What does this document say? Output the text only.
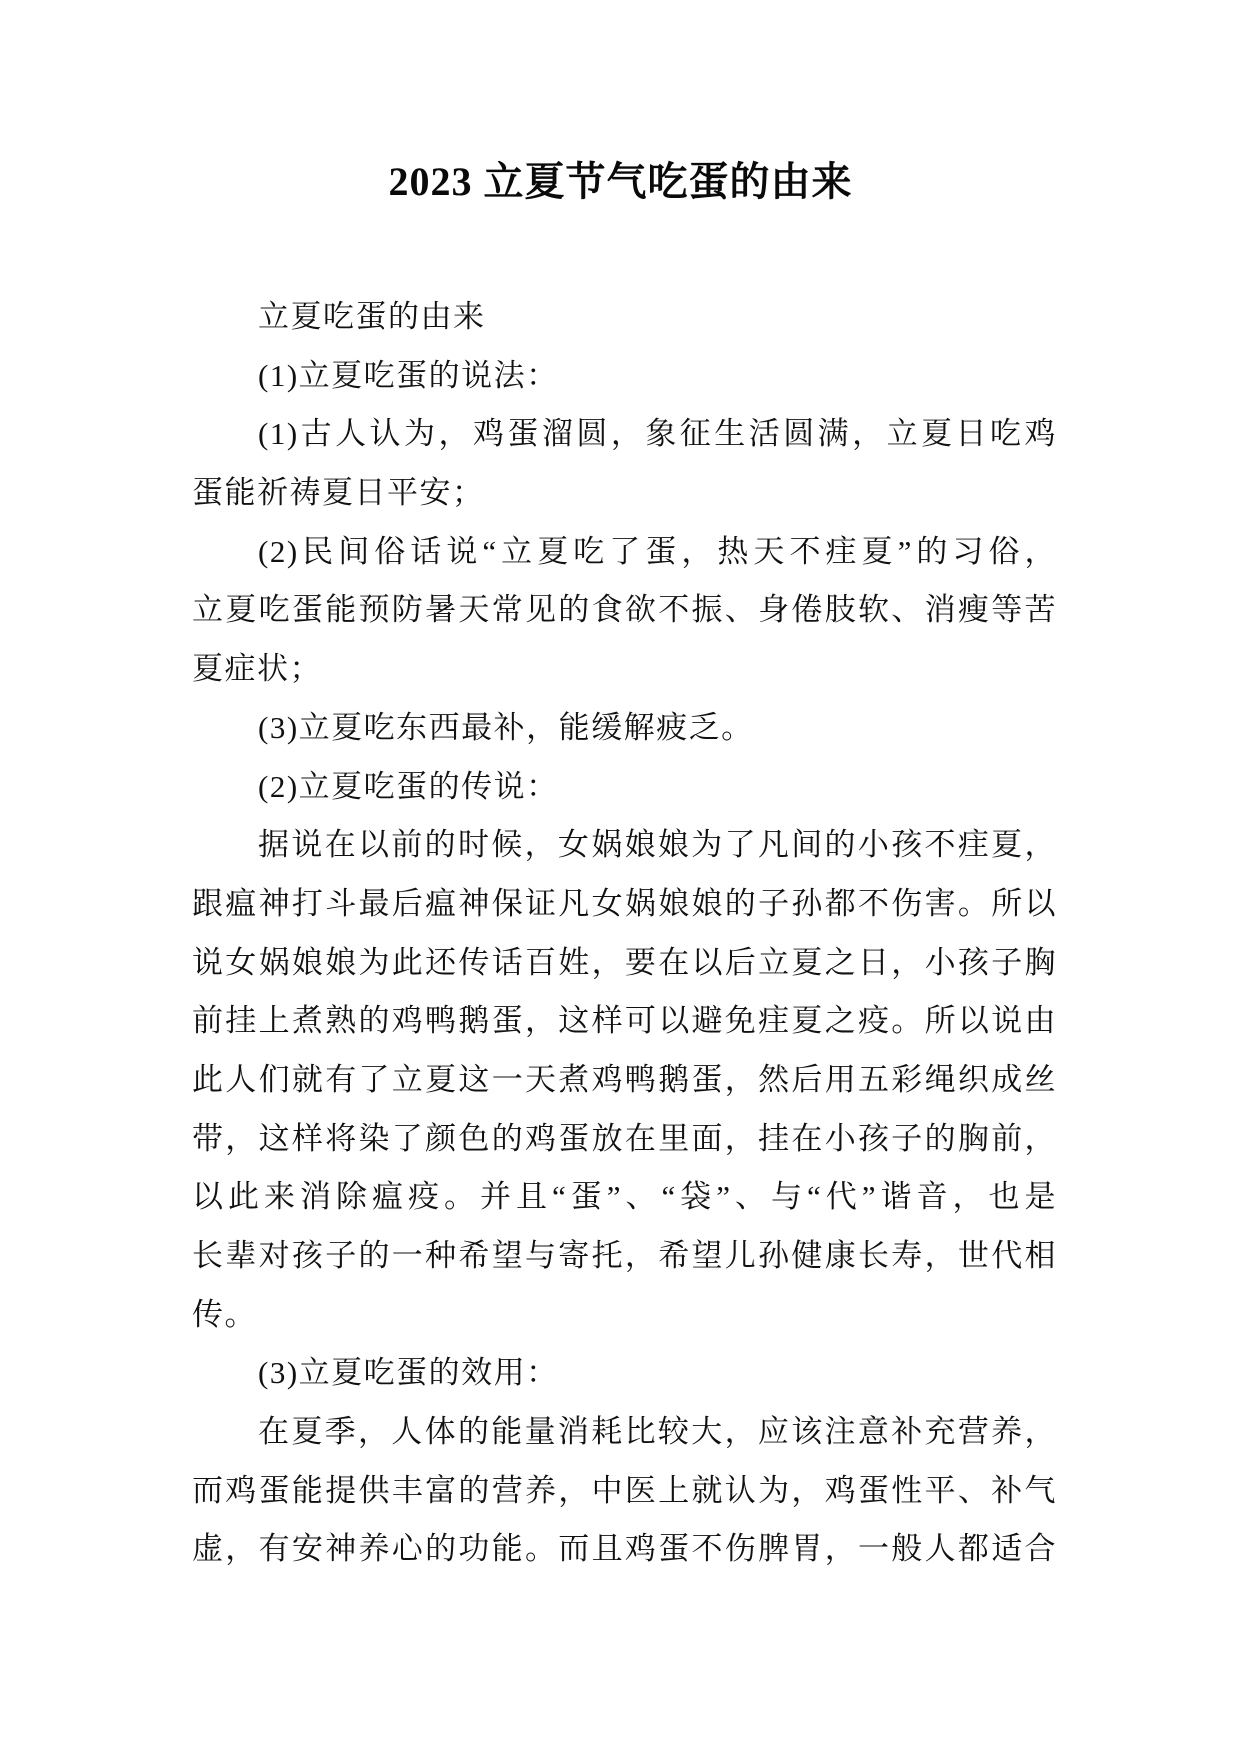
2023 立夏节气吃蛋的由来
立夏吃蛋的由来
(1)立夏吃蛋的说法：
(1)古人认为，鸡蛋溜圆，象征生活圆满，立夏日吃鸡
蛋能祈祷夏日平安；
(2)民间俗话说“立夏吃了蛋，热天不疰夏”的习俗，
立夏吃蛋能预防暑天常见的食欲不振、身倦肢软、消瘦等苦
夏症状；
(3)立夏吃东西最补，能缓解疲乏。
(2)立夏吃蛋的传说：
据说在以前的时候，女娲娘娘为了凡间的小孩不疰夏，
跟瘟神打斗最后瘟神保证凡女娲娘娘的子孙都不伤害。所以
说女娲娘娘为此还传话百姓，要在以后立夏之日，小孩子胸
前挂上煮熟的鸡鸭鹅蛋，这样可以避免疰夏之疫。所以说由
此人们就有了立夏这一天煮鸡鸭鹅蛋，然后用五彩绳织成丝
带，这样将染了颜色的鸡蛋放在里面，挂在小孩子的胸前，
以此来消除瘟疫。并且“蛋”、“袋”、与“代”谐音，也是
长辈对孩子的一种希望与寄托，希望儿孙健康长寿，世代相
传。
(3)立夏吃蛋的效用：
在夏季，人体的能量消耗比较大，应该注意补充营养，
而鸡蛋能提供丰富的营养，中医上就认为，鸡蛋性平、补气
虚，有安神养心的功能。而且鸡蛋不伤脾胃，一般人都适合
